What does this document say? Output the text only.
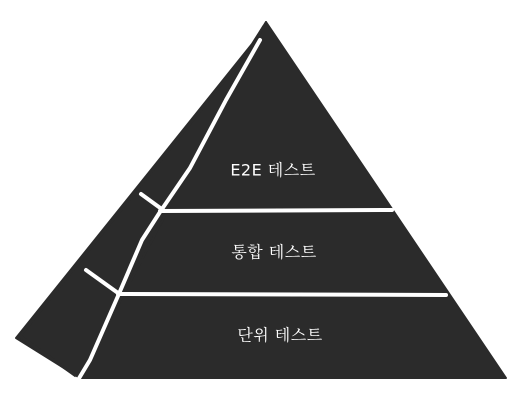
E2E 테스트
통합 테스트
단위 테스트
